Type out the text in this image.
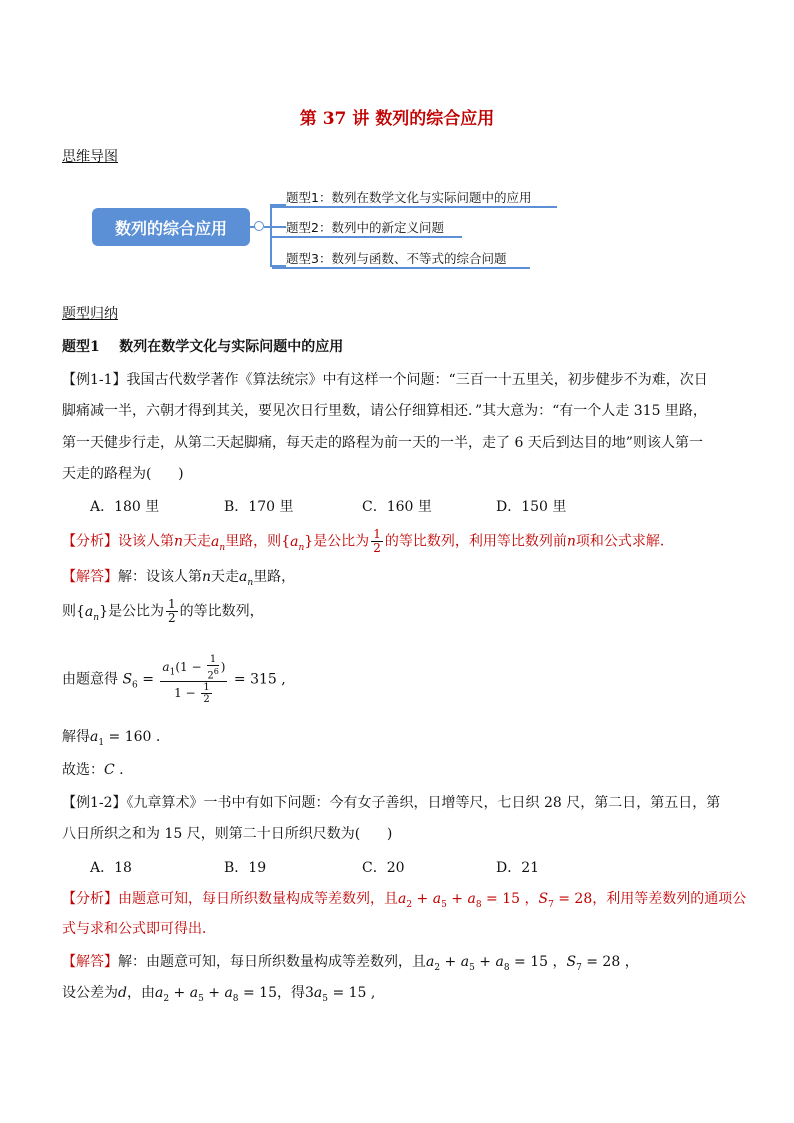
第 37 讲 数列的综合应用
思维导图
数列的综合应用
题型1：数列在数学文化与实际问题中的应用
题型2：数列中的新定义问题
题型3：数列与函数、不等式的综合问题
题型归纳
题型1    数列在数学文化与实际问题中的应用
【例1-1】我国古代数学著作《算法统宗》中有这样一个问题：“三百一十五里关，初步健步不为难，次日
脚痛减一半，六朝才得到其关，要见次日行里数，请公仔细算相还．”其大意为：“有一个人走 315 里路，
第一天健步行走，从第二天起脚痛，每天走的路程为前一天的一半，走了 6 天后到达目的地”则该人第一
天走的路程为(      )
A．180 里	B．170 里	C．160 里	D．150 里
【分析】设该人第n天走$a_n$里路，则$\{a_n\}$是公比为 $\frac{1}{2}$ 的等比数列，利用等比数列前n项和公式求解．
【解答】解：设该人第n天走$a_n$里路，
则$\{a_n\}$是公比为 $\frac{1}{2}$ 的等比数列，
由题意得 $S_6 = \frac{a_1(1 - \frac{1}{2^6} )}{1 - \frac{1}{2}} = 315$ ,
解得$a_1 = 160$ .
故选：C .
【例1-2】《九章算术》一书中有如下问题：今有女子善织，日增等尺，七日织 28 尺，第二日，第五日，第
八日所织之和为 15 尺，则第二十日所织尺数为(      )
A．18	B．19	C．20	D．21
【分析】由题意可知，每日所织数量构成等差数列，且$a_2 + a_5 + a_8 = 15$ ，$S_7 = 28$，利用等差数列的通项公
式与求和公式即可得出．
【解答】解：由题意可知，每日所织数量构成等差数列，且$a_2 + a_5 + a_8 = 15$ ，$S_7 = 28$ ，
设公差为d，由$a_2 + a_5 + a_8 = 15$，得$3a_5 = 15$ ,
